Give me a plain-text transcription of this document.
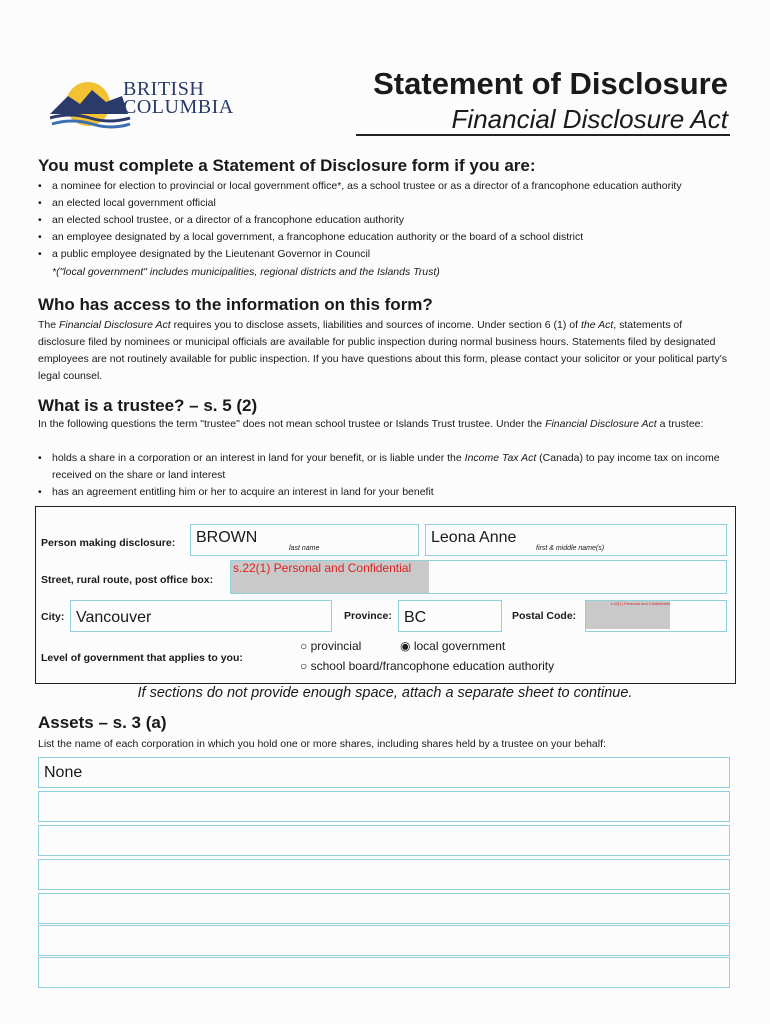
BRITISH
COLUMBIA
Statement of Disclosure
Financial Disclosure Act
You must complete a Statement of Disclosure form if you are:
• a nominee for election to provincial or local government office*, as a school trustee or as a director of a francophone education authority
• an elected local government official
• an elected school trustee, or a director of a francophone education authority
• an employee designated by a local government, a francophone education authority or the board of a school district
• a public employee designated by the Lieutenant Governor in Council
*("local government" includes municipalities, regional districts and the Islands Trust)
Who has access to the information on this form?
The Financial Disclosure Act requires you to disclose assets, liabilities and sources of income. Under section 6 (1) of the Act, statements of disclosure filed by nominees or municipal officials are available for public inspection during normal business hours. Statements filed by designated employees are not routinely available for public inspection. If you have questions about this form, please contact your solicitor or your political party's legal counsel.
What is a trustee? – s. 5 (2)
In the following questions the term "trustee" does not mean school trustee or Islands Trust trustee. Under the Financial Disclosure Act a trustee:
• holds a share in a corporation or an interest in land for your benefit, or is liable under the Income Tax Act (Canada) to pay income tax on income received on the share or land interest
• has an agreement entitling him or her to acquire an interest in land for your benefit
Person making disclosure: BROWN
last name
Leona Anne
first & middle name(s)
Street, rural route, post office box:
s.22(1) Personal and Confidential
City: Vancouver	Province: BC	Postal Code:
s.22(1) Personal and Confidential
Level of government that applies to you:
○ provincial	◉ local government
○ school board/francophone education authority
If sections do not provide enough space, attach a separate sheet to continue.
Assets – s. 3 (a)
List the name of each corporation in which you hold one or more shares, including shares held by a trustee on your behalf:
None
